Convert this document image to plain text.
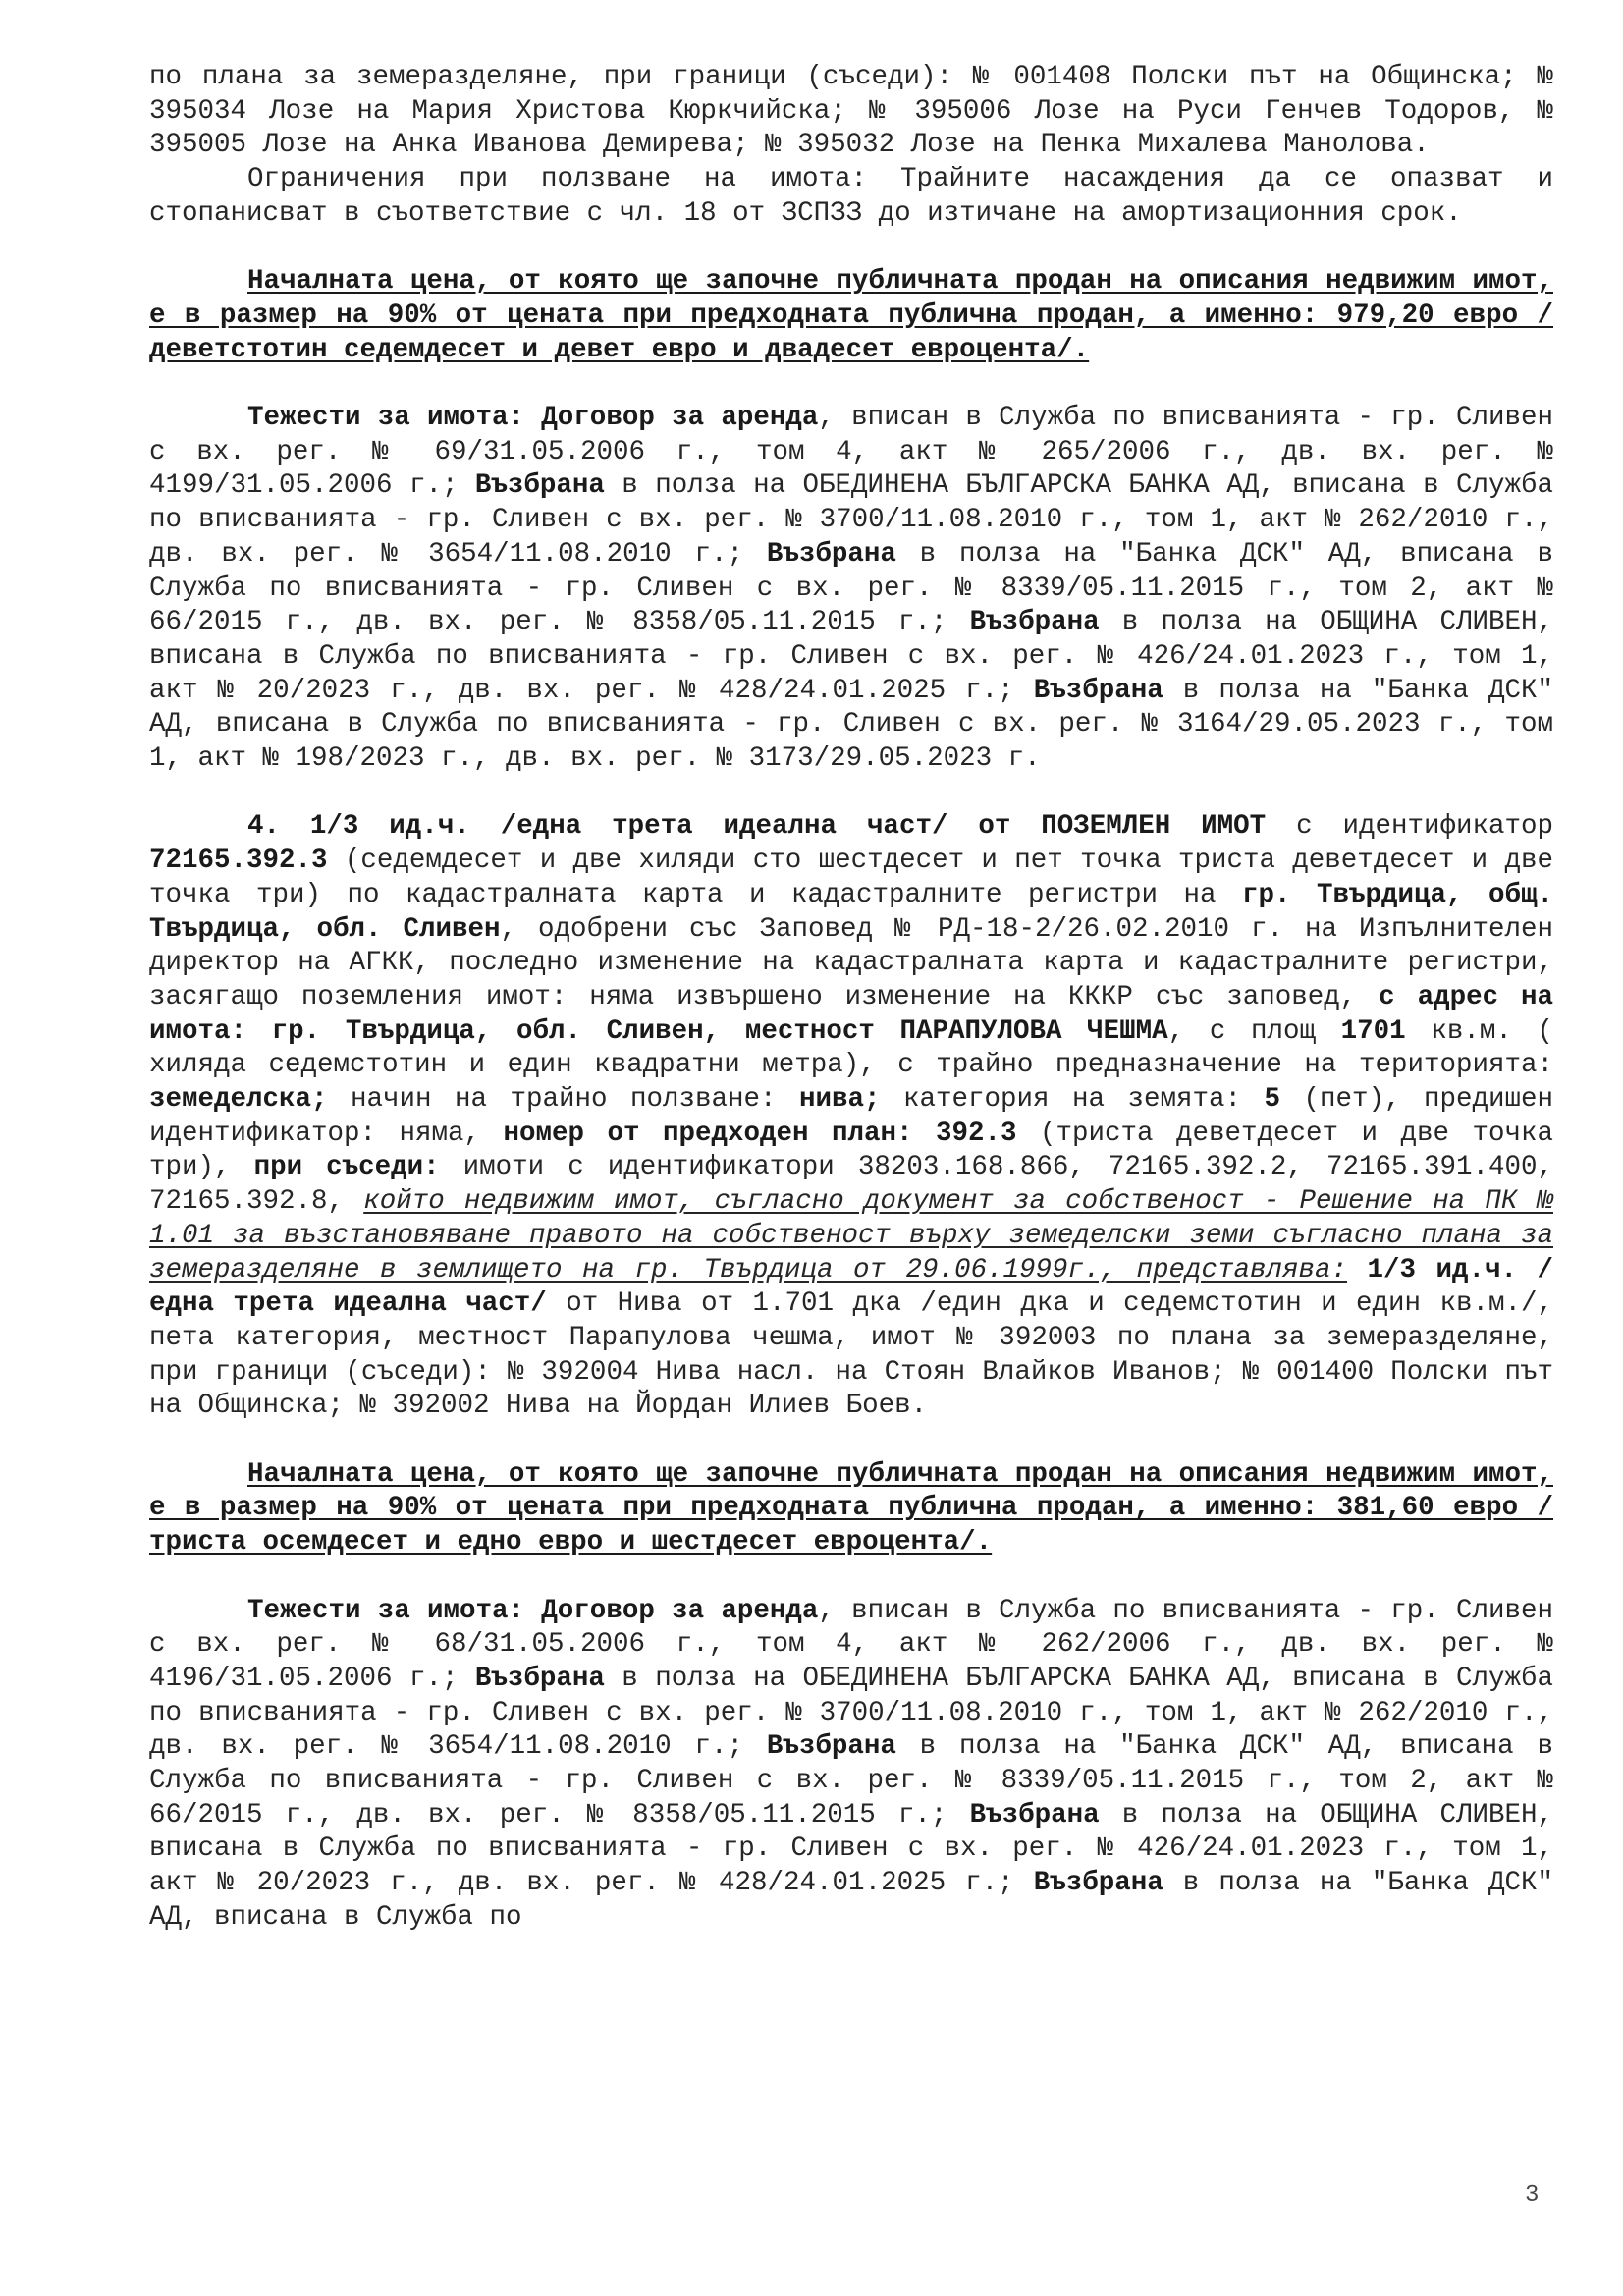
по плана за земеразделяне, при граници (съседи): № 001408 Полски път на Общинска; № 395034 Лозе на Мария Христова Кюркчийска; № 395006 Лозе на Руси Генчев Тодоров, № 395005 Лозе на Анка Иванова Демирева; № 395032 Лозе на Пенка Михалева Манолова.

Ограничения при ползване на имота: Трайните насаждения да се опазват и стопанисват в съответствие с чл. 18 от ЗСПЗЗ до изтичане на амортизационния срок.

Началната цена, от която ще започне публичната продан на описания недвижим имот, е в размер на 90% от цената при предходната публична продан, а именно: 979,20 евро /деветстотин седемдесет и девет евро и двадесет евроцента/.

Тежести за имота: Договор за аренда, вписан в Служба по вписванията - гр. Сливен с вх. рег. № 69/31.05.2006 г., том 4, акт № 265/2006 г., дв. вх. рег. № 4199/31.05.2006 г.; Възбрана в полза на ОБЕДИНЕНА БЪЛГАРСКА БАНКА АД, вписана в Служба по вписванията - гр. Сливен с вх. рег. № 3700/11.08.2010 г., том 1, акт № 262/2010 г., дв. вх. рег. № 3654/11.08.2010 г.; Възбрана в полза на "Банка ДСК" АД, вписана в Служба по вписванията - гр. Сливен с вх. рег. № 8339/05.11.2015 г., том 2, акт № 66/2015 г., дв. вх. рег. № 8358/05.11.2015 г.; Възбрана в полза на ОБЩИНА СЛИВЕН, вписана в Служба по вписванията - гр. Сливен с вх. рег. № 426/24.01.2023 г., том 1, акт № 20/2023 г., дв. вх. рег. № 428/24.01.2025 г.; Възбрана в полза на "Банка ДСК" АД, вписана в Служба по вписванията - гр. Сливен с вх. рег. № 3164/29.05.2023 г., том 1, акт № 198/2023 г., дв. вх. рег. № 3173/29.05.2023 г.

4. 1/3 ид.ч. /една трета идеална част/ от ПОЗЕМЛЕН ИМОТ с идентификатор 72165.392.3 (седемдесет и две хиляди сто шестдесет и пет точка триста деветдесет и две точка три) по кадастралната карта и кадастралните регистри на гр. Твърдица, общ. Твърдица, обл. Сливен, одобрени със Заповед № РД-18-2/26.02.2010 г. на Изпълнителен директор на АГКК, последно изменение на кадастралната карта и кадастралните регистри, засягащо поземления имот: няма извършено изменение на КККР със заповед, с адрес на имота: гр. Твърдица, обл. Сливен, местност ПАРАПУЛОВА ЧЕШМА, с площ 1701 кв.м. ( хиляда седемстотин и един квадратни метра), с трайно предназначение на територията: земеделска; начин на трайно ползване: нива; категория на земята: 5 (пет), предишен идентификатор: няма, номер от предходен план: 392.3 (триста деветдесет и две точка три), при съседи: имоти с идентификатори 38203.168.866, 72165.392.2, 72165.391.400, 72165.392.8, който недвижим имот, съгласно документ за собственост - Решение на ПК № 1.01 за възстановяване правото на собственост върху земеделски земи съгласно плана за земеразделяне в землището на гр. Твърдица от 29.06.1999г., представлява: 1/3 ид.ч. /една трета идеална част/ от Нива от 1.701 дка /един дка и седемстотин и един кв.м./, пета категория, местност Парапулова чешма, имот № 392003 по плана за земеразделяне, при граници (съседи): № 392004 Нива насл. на Стоян Влайков Иванов; № 001400 Полски път на Общинска; № 392002 Нива на Йордан Илиев Боев.

Началната цена, от която ще започне публичната продан на описания недвижим имот, е в размер на 90% от цената при предходната публична продан, а именно: 381,60 евро /триста осемдесет и едно евро и шестдесет евроцента/.

Тежести за имота: Договор за аренда, вписан в Служба по вписванията - гр. Сливен с вх. рег. № 68/31.05.2006 г., том 4, акт № 262/2006 г., дв. вх. рег. № 4196/31.05.2006 г.; Възбрана в полза на ОБЕДИНЕНА БЪЛГАРСКА БАНКА АД, вписана в Служба по вписванията - гр. Сливен с вх. рег. № 3700/11.08.2010 г., том 1, акт № 262/2010 г., дв. вх. рег. № 3654/11.08.2010 г.; Възбрана в полза на "Банка ДСК" АД, вписана в Служба по вписванията - гр. Сливен с вх. рег. № 8339/05.11.2015 г., том 2, акт № 66/2015 г., дв. вх. рег. № 8358/05.11.2015 г.; Възбрана в полза на ОБЩИНА СЛИВЕН, вписана в Служба по вписванията - гр. Сливен с вх. рег. № 426/24.01.2023 г., том 1, акт № 20/2023 г., дв. вх. рег. № 428/24.01.2025 г.; Възбрана в полза на "Банка ДСК" АД, вписана в Служба по

3
